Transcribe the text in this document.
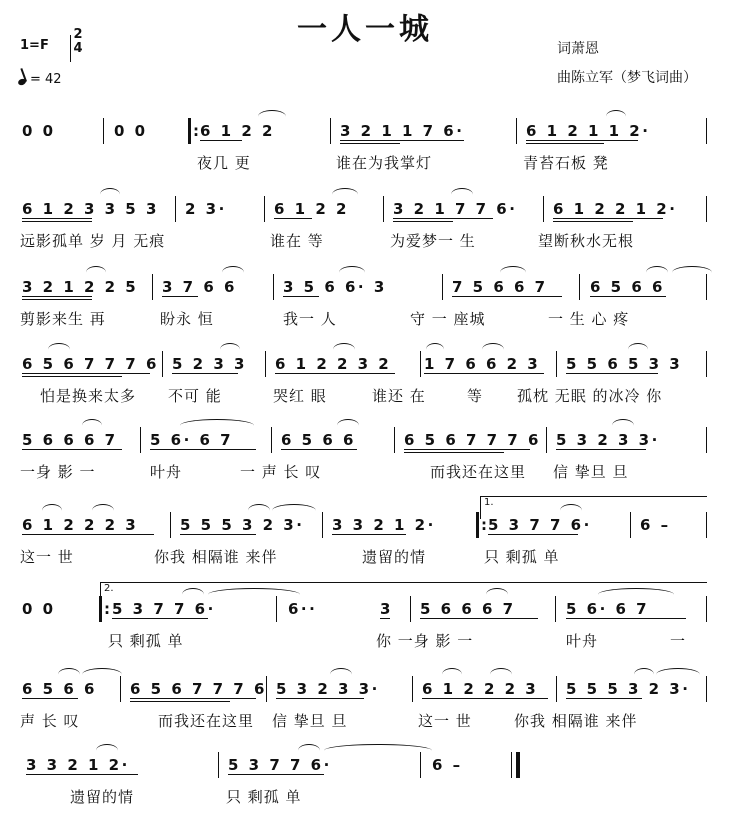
一人一城
1=F
2
4
= 42
词萧恩
曲陈立军（梦飞词曲）
0 0	0 0 :	6 1 2 2	3 2 1 1 7 6·	6 1 2 1 1 2·
夜几 更	谁在为我掌灯	青苔石板 凳
6 1 2 3 3 5 3 2 3·	6 1 2 2	3 2 1 7 7 6· 6 1 2 2 1 2·
远影孤单 岁 月 无痕	谁在 等	为爱梦一 生	望断秋水无根
3 2 1 2 2 5 3 7 6 6	3 5 6 6· 3	7 5 6 6 7	6 5 6 6
剪影来生 再	盼永 恒	我一 人	守 一 座城	一 生 心 疼
6 5 6 7 7 7 6 5 2 3 3 6 1 2 2 3 2 1 7 6 6 2 3 5 5 6 5 3 3
怕是换来太多 不可 能	哭红 眼	谁还 在	等 孤枕 无眠 的冰冷 你
5 6 6 6 7 5 6· 6 7	6 5 6 6	6 5 6 7 7 7 6 5 3 2 3 3·
一身 影 一	叶舟	一 声 长 叹	而我还在这里 信 挚旦 旦
1.
6 1 2 2 2 3	5 5 5 3 2 3· 3 3 2 1 2· :	5 3 7 7 6·	6 –
这一 世	你我 相隔谁 来伴	遗留的情	只 剩孤 单
2.
0 0 :	5 3 7 7 6·	6··	3 5 6 6 6 7	5 6· 6 7
只 剩孤 单	你 一身 影 一	叶舟	一
6 5 6 6 6 5 6 7 7 7 6 5 3 2 3 3·	6 1 2 2 2 3 5 5 5 3 2 3·
声 长 叹	而我还在这里 信 挚旦 旦	这一 世	你我 相隔谁 来伴
3 3 2 1 2·	5 3 7 7 6·	6 –
遗留的情	只 剩孤 单
